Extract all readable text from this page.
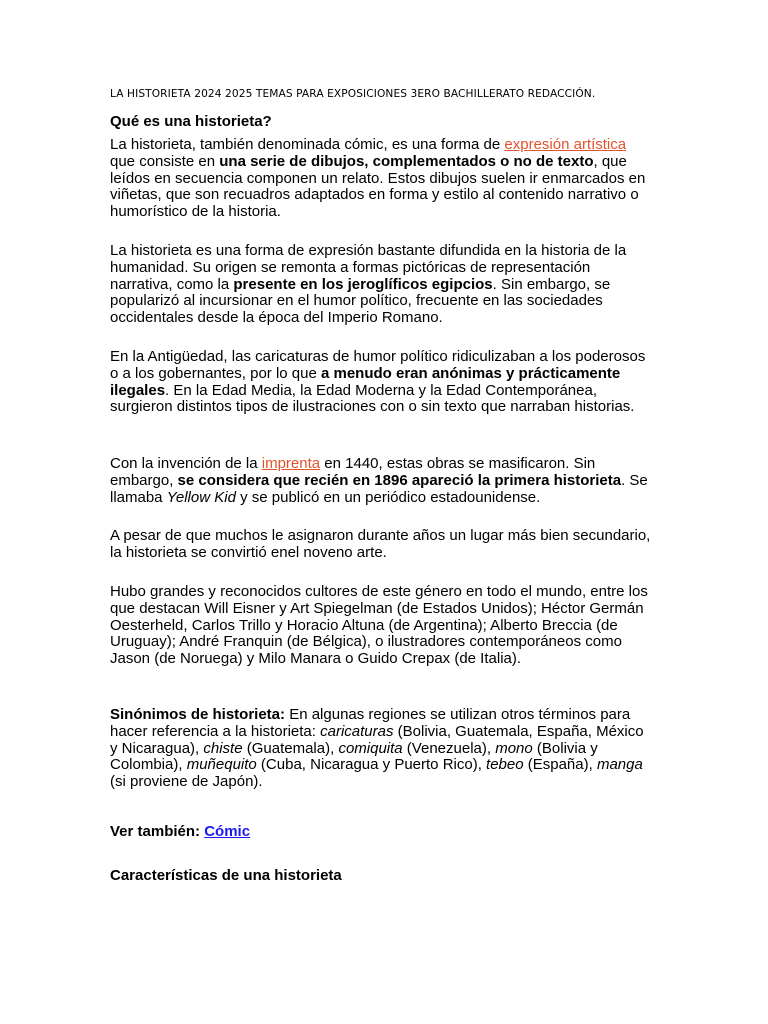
LA HISTORIETA 2024 2025 TEMAS PARA EXPOSICIONES 3ERO BACHILLERATO REDACCIÓN.
Qué es una historieta?

La historieta, también denominada cómic, es una forma de expresión artística que consiste en una serie de dibujos, complementados o no de texto, que leídos en secuencia componen un relato. Estos dibujos suelen ir enmarcados en viñetas, que son recuadros adaptados en forma y estilo al contenido narrativo o humorístico de la historia.

La historieta es una forma de expresión bastante difundida en la historia de la humanidad. Su origen se remonta a formas pictóricas de representación narrativa, como la presente en los jeroglíficos egipcios. Sin embargo, se popularizó al incursionar en el humor político, frecuente en las sociedades occidentales desde la época del Imperio Romano.

En la Antigüedad, las caricaturas de humor político ridiculizaban a los poderosos o a los gobernantes, por lo que a menudo eran anónimas y prácticamente ilegales. En la Edad Media, la Edad Moderna y la Edad Contemporánea, surgieron distintos tipos de ilustraciones con o sin texto que narraban historias.

Con la invención de la imprenta en 1440, estas obras se masificaron. Sin embargo, se considera que recién en 1896 apareció la primera historieta. Se llamaba Yellow Kid y se publicó en un periódico estadounidense.

A pesar de que muchos le asignaron durante años un lugar más bien secundario, la historieta se convirtió enel noveno arte.

Hubo grandes y reconocidos cultores de este género en todo el mundo, entre los que destacan Will Eisner y Art Spiegelman (de Estados Unidos); Héctor Germán Oesterheld, Carlos Trillo y Horacio Altuna (de Argentina); Alberto Breccia (de Uruguay); André Franquin (de Bélgica), o ilustradores contemporáneos como Jason (de Noruega) y Milo Manara o Guido Crepax (de Italia).

Sinónimos de historieta: En algunas regiones se utilizan otros términos para hacer referencia a la historieta: caricaturas (Bolivia, Guatemala, España, México y Nicaragua), chiste (Guatemala), comiquita (Venezuela), mono (Bolivia y Colombia), muñequito (Cuba, Nicaragua y Puerto Rico), tebeo (España), manga (si proviene de Japón).

Ver también: Cómic

Características de una historieta
